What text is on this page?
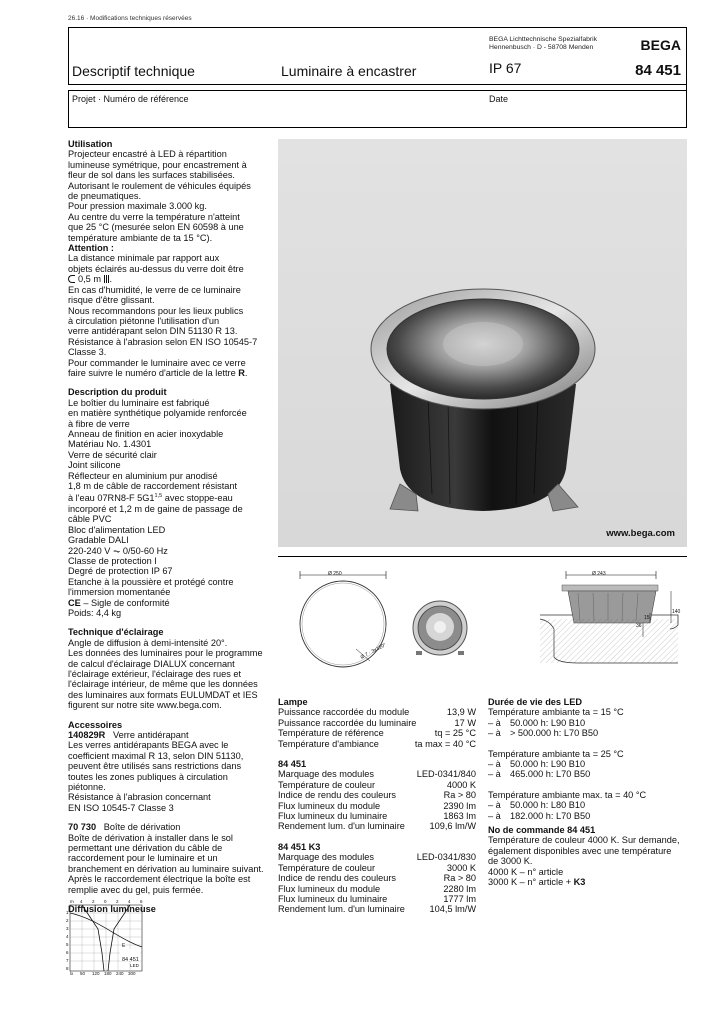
26.16 · Modifications techniques réservées
Descriptif technique	Luminaire à encastrer	IP 67
BEGA Lichttechnische Spezialfabrik
Hennenbusch · D - 58708 Menden	BEGA
84 451
Projet · Numéro de référence	Date
Utilisation
Projecteur encastré à LED à répartition
lumineuse symétrique, pour encastrement à
fleur de sol dans les surfaces stabilisées.
Autorisant le roulement de véhicules équipés
de pneumatiques.
Pour pression maximale 3.000 kg.
Au centre du verre la température n'atteint
que 25 °C (mesurée selon EN 60598 à une
température ambiante de ta 15 °C).
Attention :
La distance minimale par rapport aux
objets éclairés au-dessus du verre doit être
0,5 m .
En cas d'humidité, le verre de ce luminaire
risque d'être glissant.
Nous recommandons pour les lieux publics
à circulation piétonne l'utilisation d'un
verre antidérapant selon DIN 51130 R 13.
Résistance à l'abrasion selon EN ISO 10545-7
Classe 3.
Pour commander le luminaire avec ce verre
faire suivre le numéro d'article de la lettre R.
Description du produit
Le boîtier du luminaire est fabriqué
en matière synthétique polyamide renforcée
à fibre de verre
Anneau de finition en acier inoxydable
Matériau No. 1.4301
Verre de sécurité clair
Joint silicone
Réflecteur en aluminium pur anodisé
1,8 m de câble de raccordement résistant
à l'eau 07RN8-F 5G1$^{1,5}$ avec stoppe-eau
incorporé et 1,2 m de gaine de passage de
câble PVC
Bloc d'alimentation LED
Gradable DALI
220-240 V ⏦ 0/50-60 Hz
Classe de protection I
Degré de protection IP 67
Etanche à la poussière et protégé contre
l'immersion momentanée
CE – Sigle de conformité
Poids: 4,4 kg
Technique d'éclairage
Angle de diffusion à demi-intensité 20°.
Les données des luminaires pour le programme
de calcul d'éclairage DIALUX concernant
l'éclairage extérieur, l'éclairage des rues et
l'éclairage intérieur, de même que les données
des luminaires aux formats EULUMDAT et IES
figurent sur notre site www.bega.com.
Accessoires
140829R Verre antidérapant
Les verres antidérapants BEGA avec le
coefficient maximal R 13, selon DIN 51130,
peuvent être utilisés sans restrictions dans
toutes les zones publiques à circulation
piétonne.
Résistance à l'abrasion concernant
EN ISO 10545-7 Classe 3
70 730 Boîte de dérivation
Boîte de dérivation à installer dans le sol
permettant une dérivation du câble de
raccordement pour le luminaire et un
branchement en dérivation au luminaire suivant.
Après le raccordement électrique la boîte est
remplie avec du gel, puis fermée.
Diffusion lumineuse
m 4 2 0 2 4 6
1
2
3
4
5
6
7
8
E
84 451
LED
lx 50 120 180 240 300
www.bega.com
Ø 250
Ø 7 · 3x120°
Ø 243
140
15
36
Lampe
Puissance raccordée du module	13,9 W
Puissance raccordée du luminaire	17 W
Température de référence	tq = 25 °C
Température d'ambiance	ta max = 40 °C
84 451
Marquage des modules	LED-0341/840
Température de couleur	4000 K
Indice de rendu des couleurs	Ra > 80
Flux lumineux du module	2390 lm
Flux lumineux du luminaire	1863 lm
Rendement lum. d'un luminaire	109,6 lm/W
84 451 K3
Marquage des modules	LED-0341/830
Température de couleur	3000 K
Indice de rendu des couleurs	Ra > 80
Flux lumineux du module	2280 lm
Flux lumineux du luminaire	1777 lm
Rendement lum. d'un luminaire	104,5 lm/W
Durée de vie des LED
Température ambiante ta = 15 °C
– à	50.000 h: L90 B10
– à	> 500.000 h: L70 B50
Température ambiante ta = 25 °C
– à	50.000 h: L90 B10
– à	465.000 h: L70 B50
Température ambiante max. ta = 40 °C
– à	50.000 h: L80 B10
– à	182.000 h: L70 B50
No de commande 84 451
Température de couleur 4000 K. Sur demande,
également disponibles avec une température
de 3000 K.
4000 K – n° article
3000 K – n° article + K3
